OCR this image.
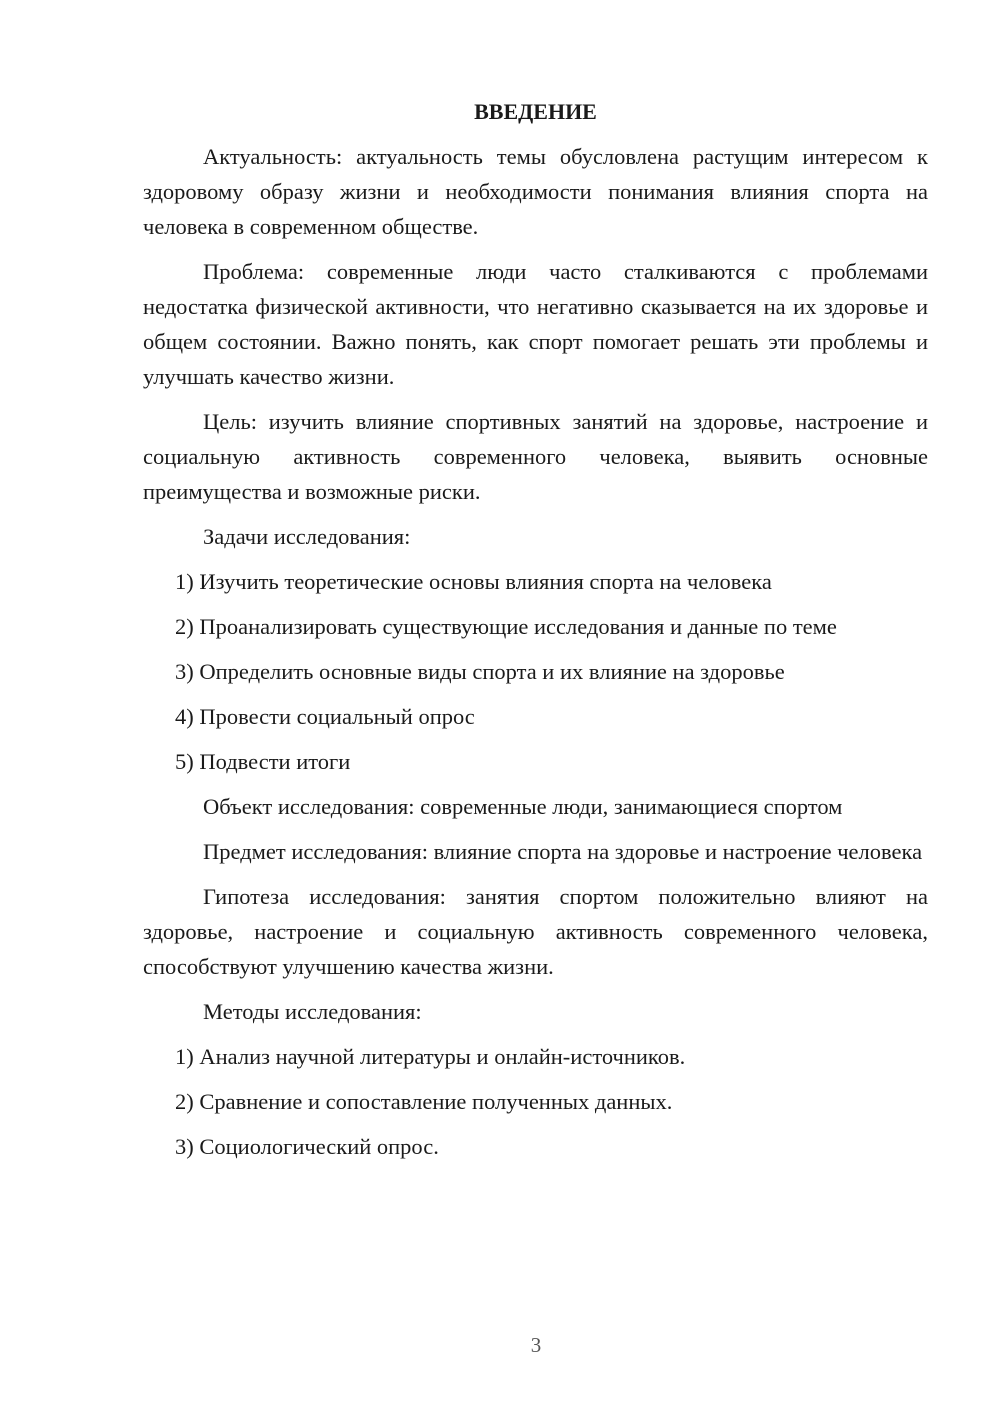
ВВЕДЕНИЕ
Актуальность: актуальность темы обусловлена растущим интересом к здоровому образу жизни и необходимости понимания влияния спорта на человека в современном обществе.
Проблема: современные люди часто сталкиваются с проблемами недостатка физической активности, что негативно сказывается на их здоровье и общем состоянии. Важно понять, как спорт помогает решать эти проблемы и улучшать качество жизни.
Цель: изучить влияние спортивных занятий на здоровье, настроение и социальную активность современного человека, выявить основные преимущества и возможные риски.
Задачи исследования:
1) Изучить теоретические основы влияния спорта на человека
2) Проанализировать существующие исследования и данные по теме
3) Определить основные виды спорта и их влияние на здоровье
4) Провести социальный опрос
5) Подвести итоги
Объект исследования: современные люди, занимающиеся спортом
Предмет исследования: влияние спорта на здоровье и настроение человека
Гипотеза исследования: занятия спортом положительно влияют на здоровье, настроение и социальную активность современного человека, способствуют улучшению качества жизни.
Методы исследования:
1) Анализ научной литературы и онлайн-источников.
2) Сравнение и сопоставление полученных данных.
3) Социологический опрос.
3
